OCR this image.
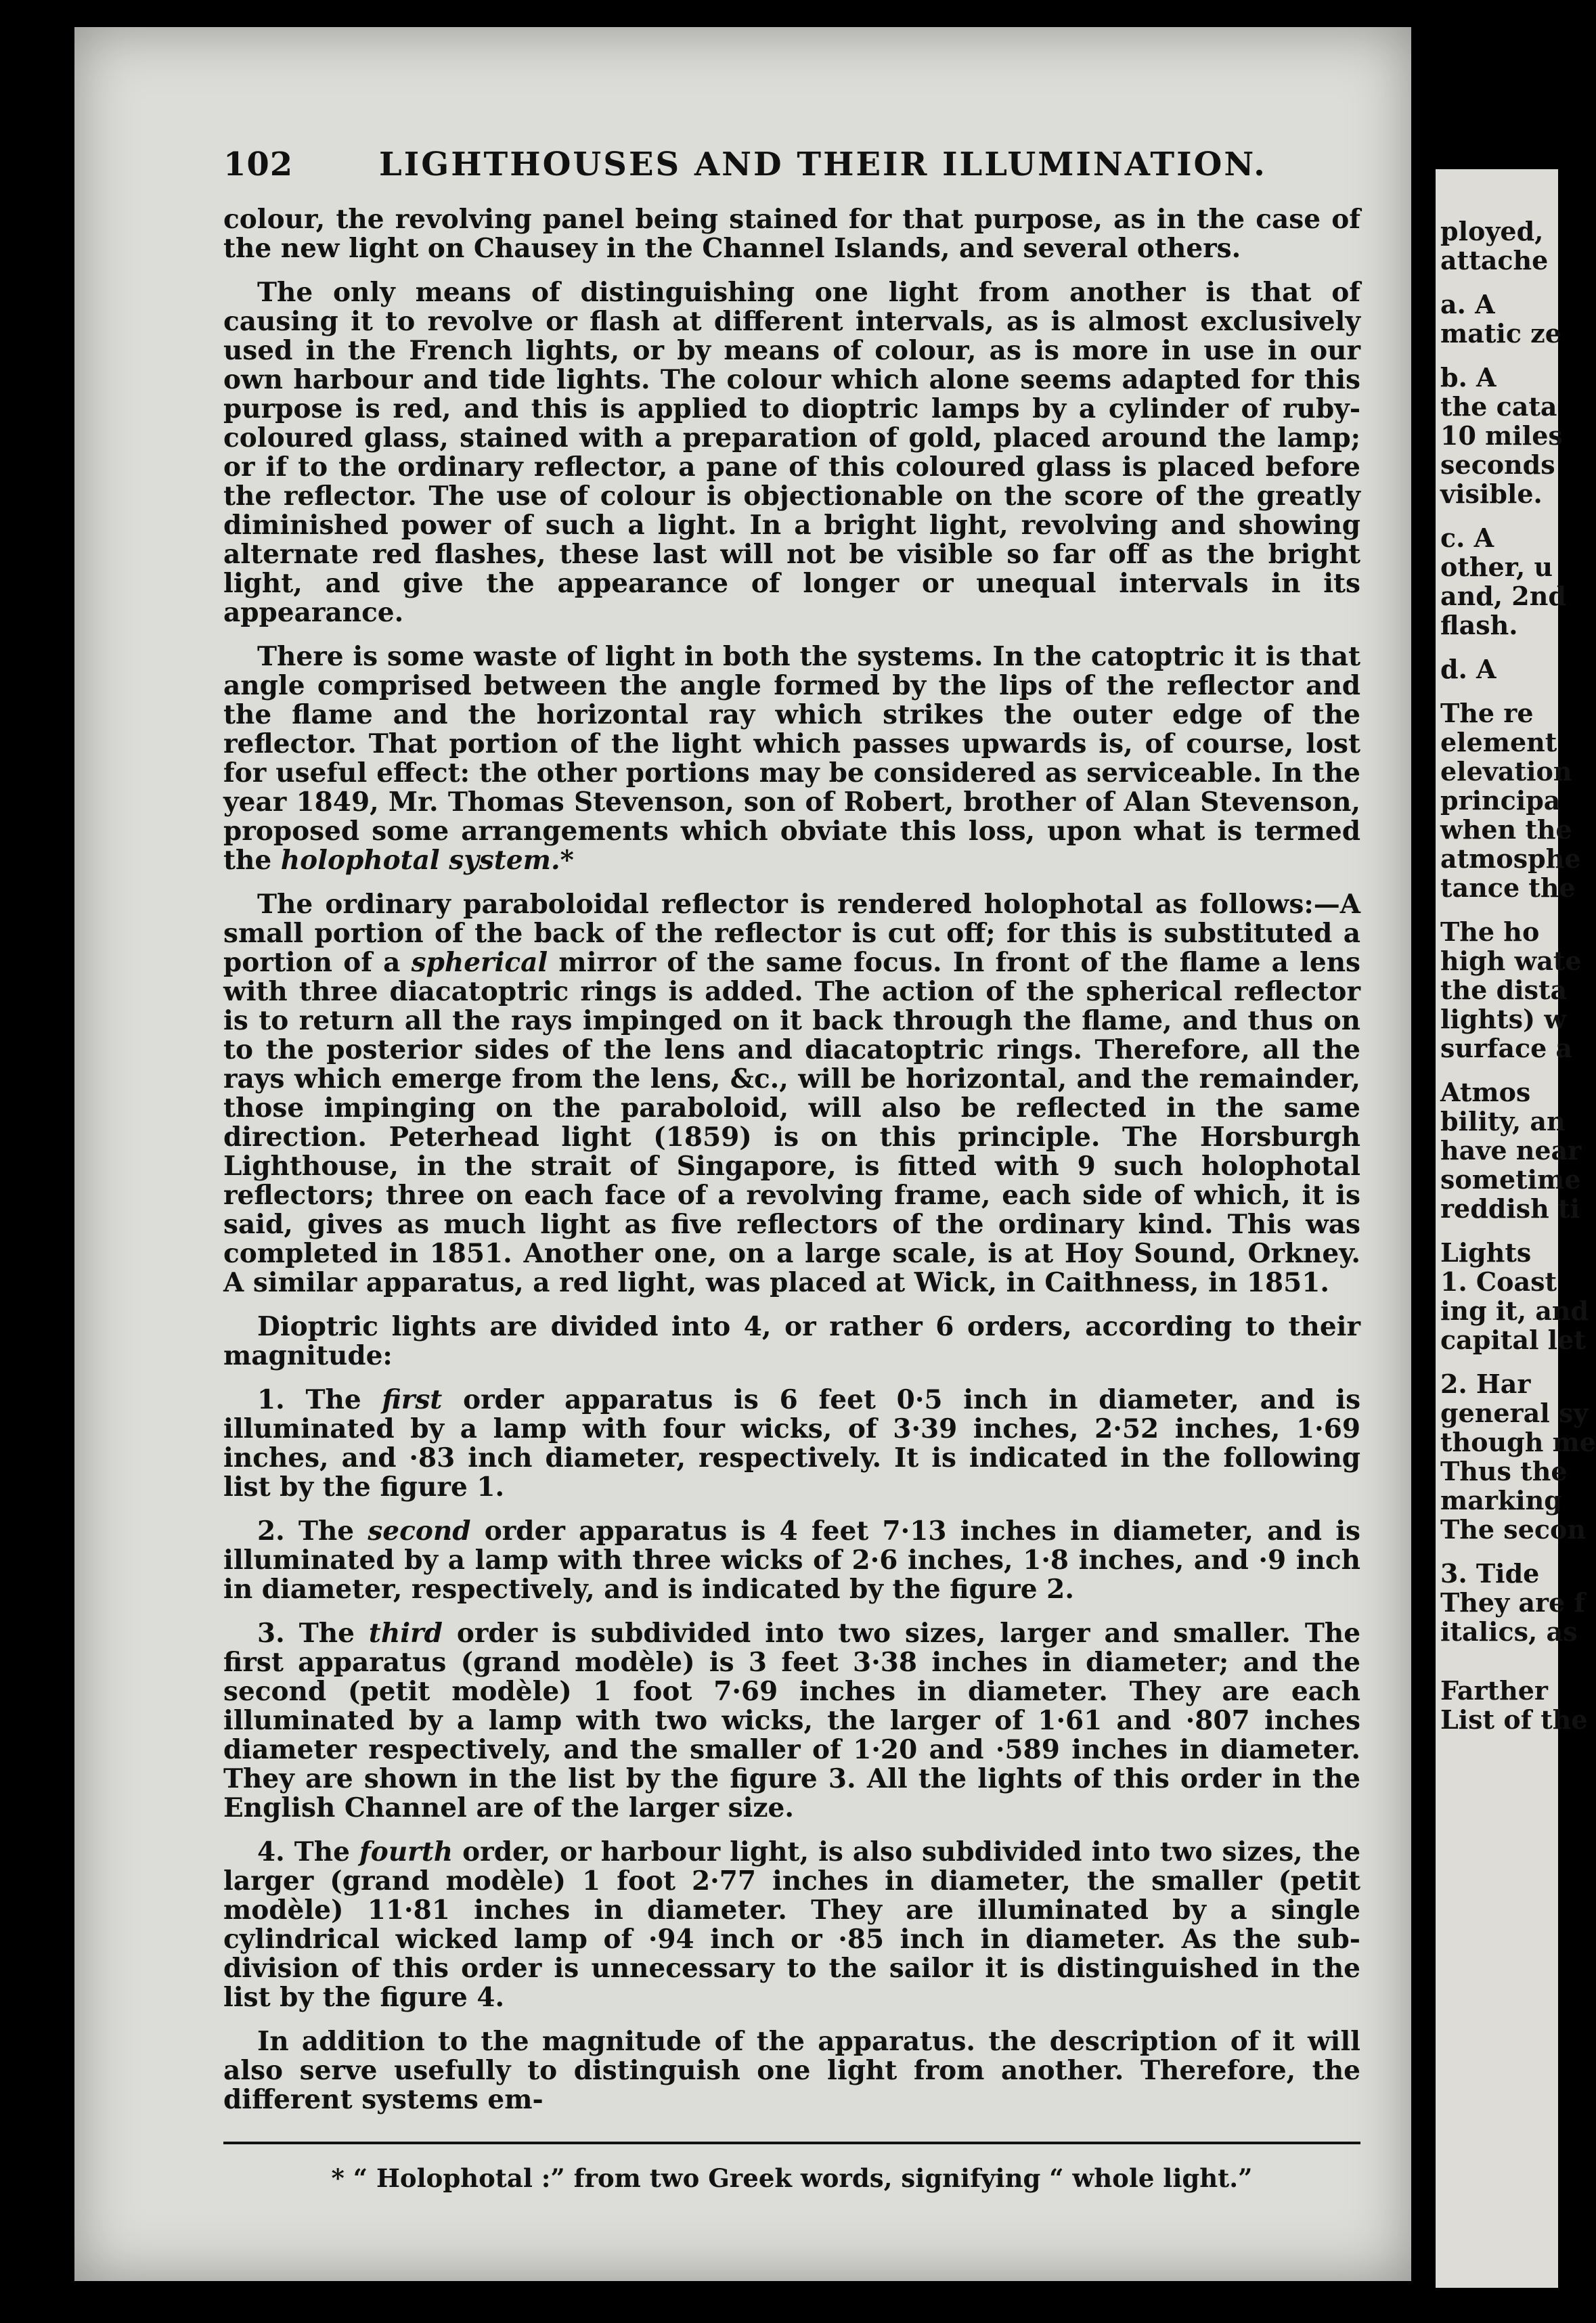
102	LIGHTHOUSES AND THEIR ILLUMINATION.

colour, the revolving panel being stained for that purpose, as in the case of the new light on Chausey in the Channel Islands, and several others.

The only means of distinguishing one light from another is that of causing it to revolve or flash at different intervals, as is almost exclusively used in the French lights, or by means of colour, as is more in use in our own harbour and tide lights. The colour which alone seems adapted for this purpose is red, and this is applied to dioptric lamps by a cylinder of ruby-coloured glass, stained with a preparation of gold, placed around the lamp; or if to the ordinary reflector, a pane of this coloured glass is placed before the reflector. The use of colour is objectionable on the score of the greatly diminished power of such a light. In a bright light, revolving and showing alternate red flashes, these last will not be visible so far off as the bright light, and give the appearance of longer or unequal intervals in its appearance.

There is some waste of light in both the systems. In the catoptric it is that angle comprised between the angle formed by the lips of the reflector and the flame and the horizontal ray which strikes the outer edge of the reflector. That portion of the light which passes upwards is, of course, lost for useful effect: the other portions may be considered as serviceable. In the year 1849, Mr. Thomas Stevenson, son of Robert, brother of Alan Stevenson, proposed some arrangements which obviate this loss, upon what is termed the holophotal system.*

The ordinary paraboloidal reflector is rendered holophotal as follows:—A small portion of the back of the reflector is cut off; for this is substituted a portion of a spherical mirror of the same focus. In front of the flame a lens with three diacatoptric rings is added. The action of the spherical reflector is to return all the rays impinged on it back through the flame, and thus on to the posterior sides of the lens and diacatoptric rings. Therefore, all the rays which emerge from the lens, &c., will be horizontal, and the remainder, those impinging on the paraboloid, will also be reflected in the same direction. Peterhead light (1859) is on this principle. The Horsburgh Lighthouse, in the strait of Singapore, is fitted with 9 such holophotal reflectors; three on each face of a revolving frame, each side of which, it is said, gives as much light as five reflectors of the ordinary kind. This was completed in 1851. Another one, on a large scale, is at Hoy Sound, Orkney. A similar apparatus, a red light, was placed at Wick, in Caithness, in 1851.

Dioptric lights are divided into 4, or rather 6 orders, according to their magnitude:

1. The first order apparatus is 6 feet 0·5 inch in diameter, and is illuminated by a lamp with four wicks, of 3·39 inches, 2·52 inches, 1·69 inches, and ·83 inch diameter, respectively. It is indicated in the following list by the figure 1.

2. The second order apparatus is 4 feet 7·13 inches in diameter, and is illuminated by a lamp with three wicks of 2·6 inches, 1·8 inches, and ·9 inch in diameter, respectively, and is indicated by the figure 2.

3. The third order is subdivided into two sizes, larger and smaller. The first apparatus (grand modèle) is 3 feet 3·38 inches in diameter; and the second (petit modèle) 1 foot 7·69 inches in diameter. They are each illuminated by a lamp with two wicks, the larger of 1·61 and ·807 inches diameter respectively, and the smaller of 1·20 and ·589 inches in diameter. They are shown in the list by the figure 3. All the lights of this order in the English Channel are of the larger size.

4. The fourth order, or harbour light, is also subdivided into two sizes, the larger (grand modèle) 1 foot 2·77 inches in diameter, the smaller (petit modèle) 11·81 inches in diameter. They are illuminated by a single cylindrical wicked lamp of ·94 inch or ·85 inch in diameter. As the sub-division of this order is unnecessary to the sailor it is distinguished in the list by the figure 4.

In addition to the magnitude of the apparatus. the description of it will also serve usefully to distinguish one light from another. Therefore, the different systems em-

* “ Holophotal :” from two Greek words, signifying “ whole light.”
ployed,
attache
a. A
matic ze
b. A
the cata
10 miles
seconds
visible.
c. A
other, u
and, 2nd
flash.
d. A
The re
element
elevation
principa
when the
atmosphe
tance the
The ho
high wate
the dista
lights) w
surface a
Atmos
bility, an
have near
sometime
reddish ti
Lights
1. Coast
ing it, and
capital let
2. Har
general sy
though me
Thus the
marking
The secon
3. Tide
They are f
italics, as
Farther
List of the
